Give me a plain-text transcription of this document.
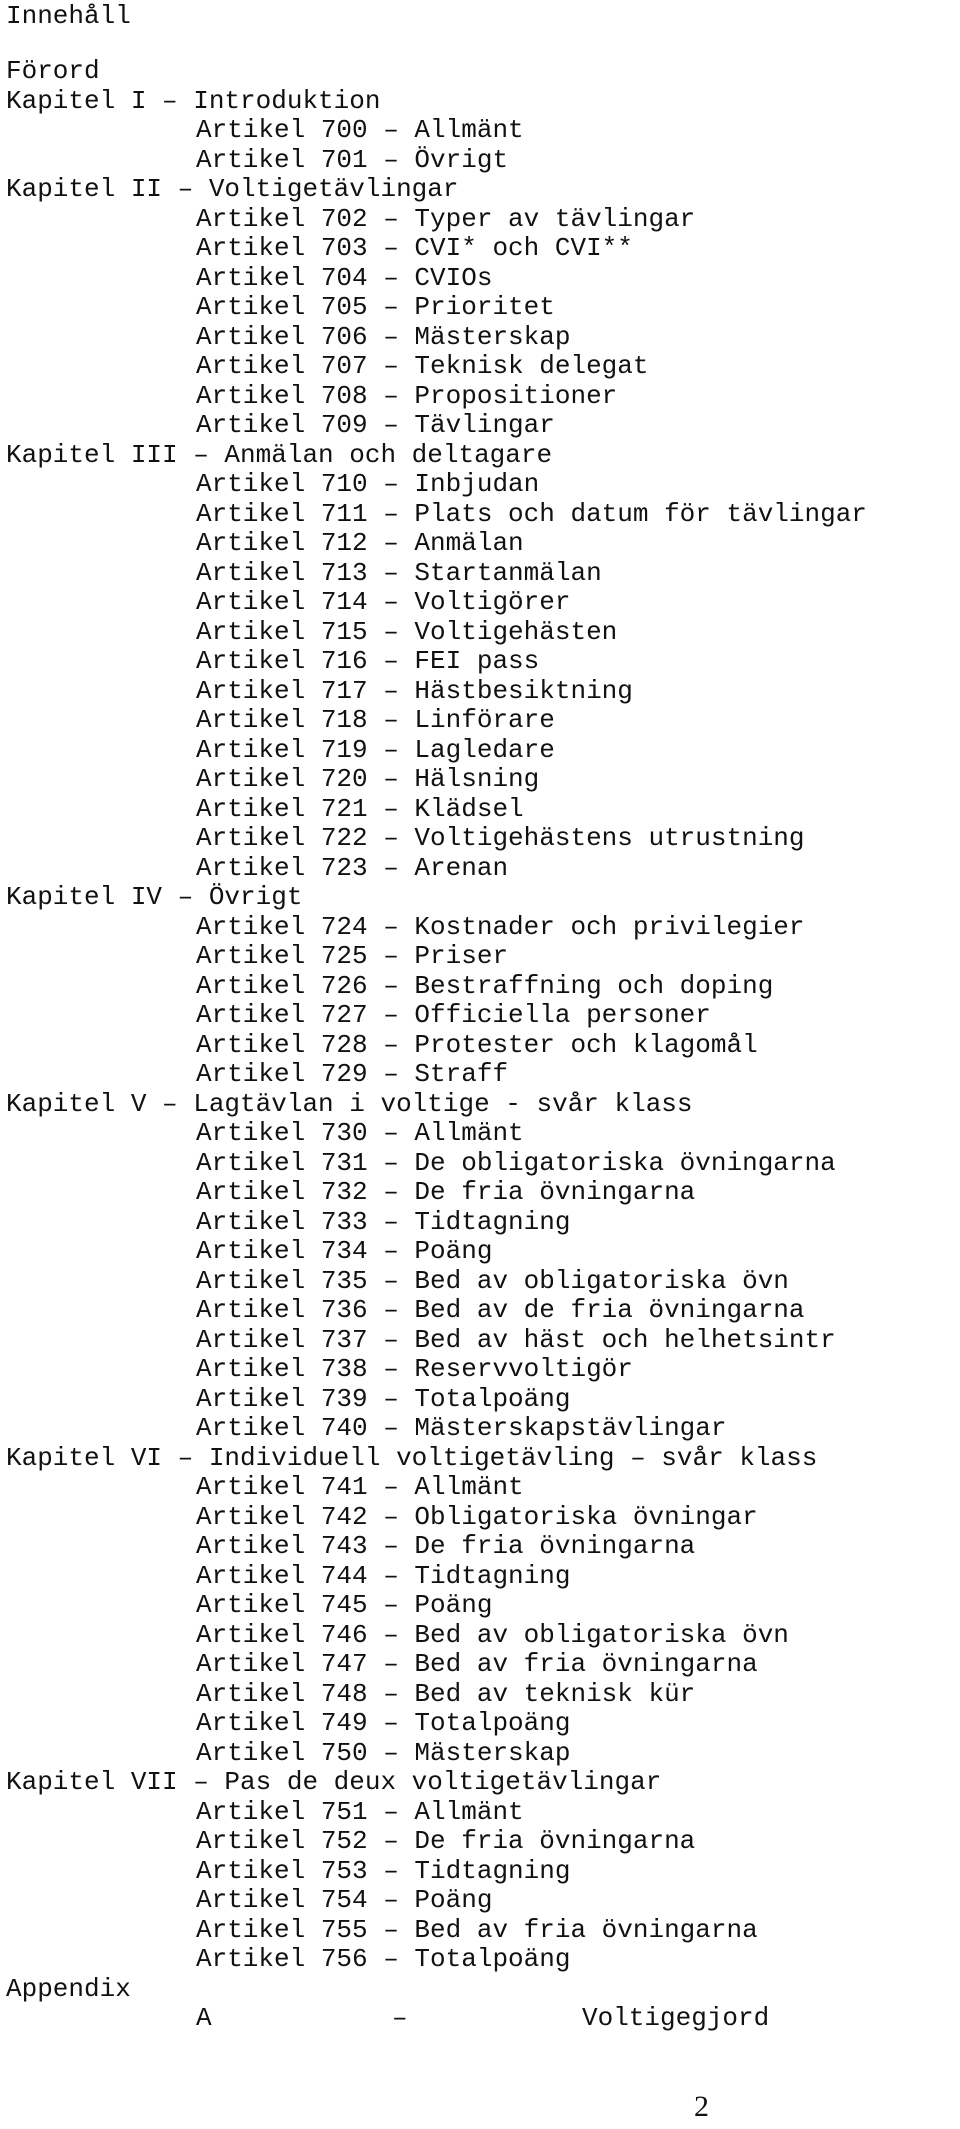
Innehåll
Förord
Kapitel I – Introduktion
Artikel 700 – Allmänt
Artikel 701 – Övrigt
Kapitel II – Voltigetävlingar
Artikel 702 – Typer av tävlingar
Artikel 703 – CVI* och CVI**
Artikel 704 – CVIOs
Artikel 705 – Prioritet
Artikel 706 – Mästerskap
Artikel 707 – Teknisk delegat
Artikel 708 – Propositioner
Artikel 709 – Tävlingar
Kapitel III – Anmälan och deltagare
Artikel 710 – Inbjudan
Artikel 711 – Plats och datum för tävlingar
Artikel 712 – Anmälan
Artikel 713 – Startanmälan
Artikel 714 – Voltigörer
Artikel 715 – Voltigehästen
Artikel 716 – FEI pass
Artikel 717 – Hästbesiktning
Artikel 718 – Linförare
Artikel 719 – Lagledare
Artikel 720 – Hälsning
Artikel 721 – Klädsel
Artikel 722 – Voltigehästens utrustning
Artikel 723 – Arenan
Kapitel IV – Övrigt
Artikel 724 – Kostnader och privilegier
Artikel 725 – Priser
Artikel 726 – Bestraffning och doping
Artikel 727 – Officiella personer
Artikel 728 – Protester och klagomål
Artikel 729 – Straff
Kapitel V – Lagtävlan i voltige - svår klass
Artikel 730 – Allmänt
Artikel 731 – De obligatoriska övningarna
Artikel 732 – De fria övningarna
Artikel 733 – Tidtagning
Artikel 734 – Poäng
Artikel 735 – Bed av obligatoriska övn
Artikel 736 – Bed av de fria övningarna
Artikel 737 – Bed av häst och helhetsintr
Artikel 738 – Reservvoltigör
Artikel 739 – Totalpoäng
Artikel 740 – Mästerskapstävlingar
Kapitel VI – Individuell voltigetävling – svår klass
Artikel 741 – Allmänt
Artikel 742 – Obligatoriska övningar
Artikel 743 – De fria övningarna
Artikel 744 – Tidtagning
Artikel 745 – Poäng
Artikel 746 – Bed av obligatoriska övn
Artikel 747 – Bed av fria övningarna
Artikel 748 – Bed av teknisk kür
Artikel 749 – Totalpoäng
Artikel 750 – Mästerskap
Kapitel VII – Pas de deux voltigetävlingar
Artikel 751 – Allmänt
Artikel 752 – De fria övningarna
Artikel 753 – Tidtagning
Artikel 754 – Poäng
Artikel 755 – Bed av fria övningarna
Artikel 756 – Totalpoäng
Appendix
A	–	Voltigegjord
2
